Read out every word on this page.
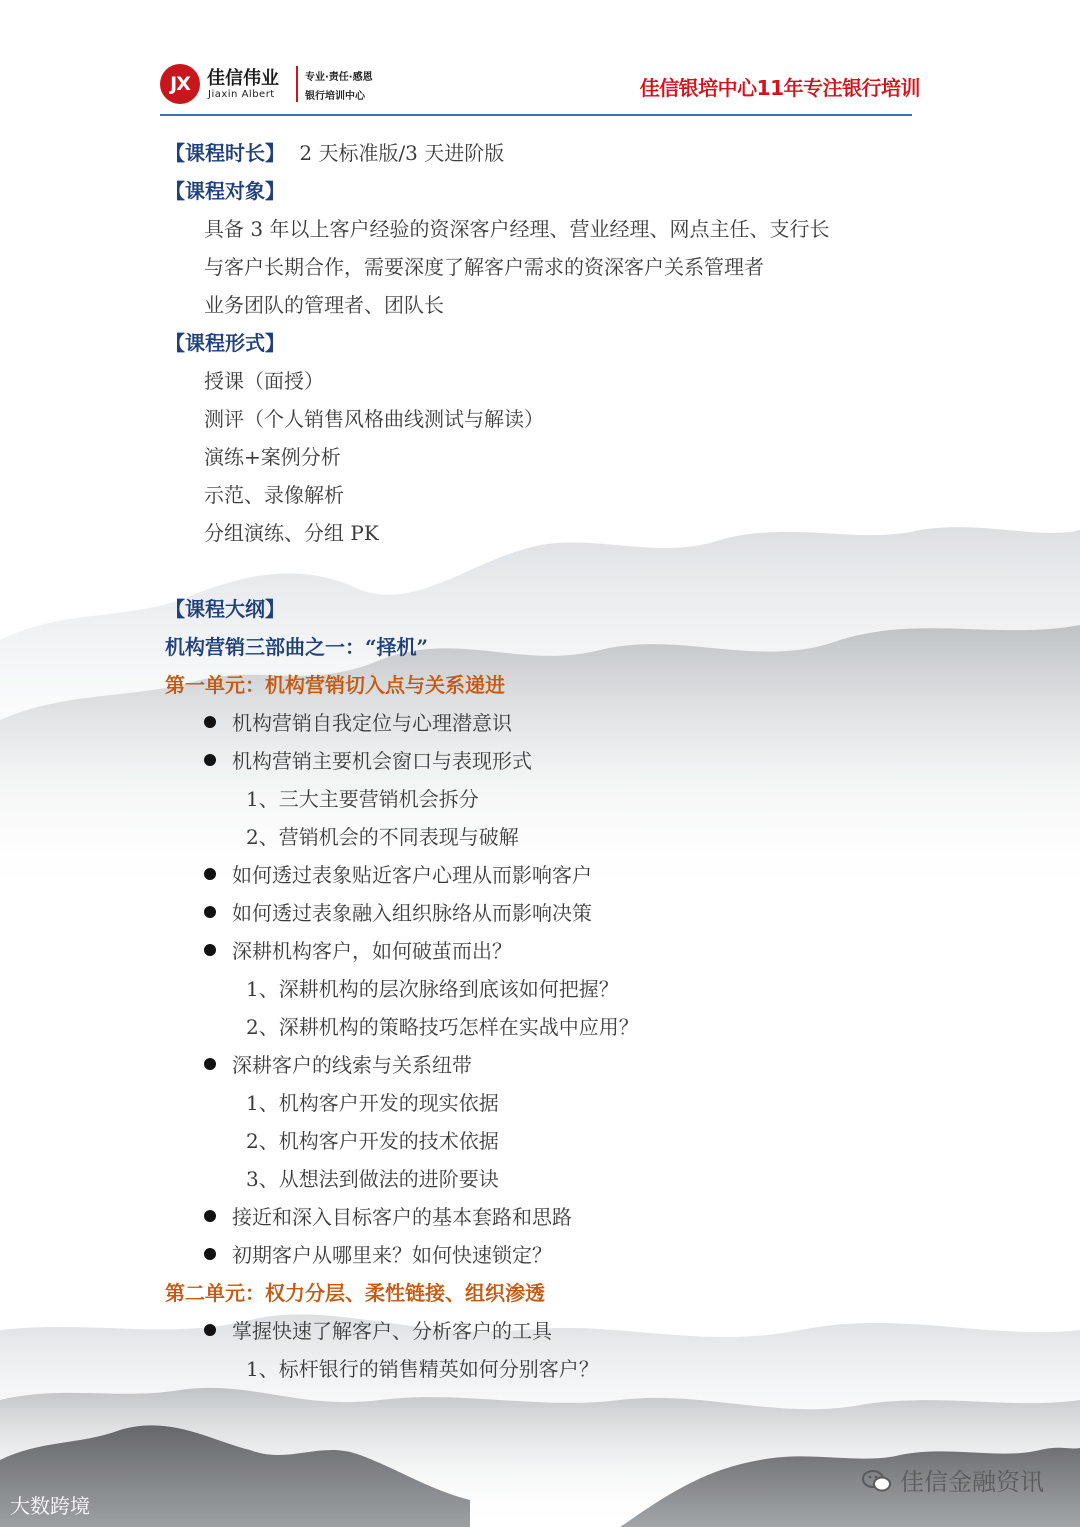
JX 佳信伟业
Jiaxin Albert
专业·责任·感恩
银行培训中心	佳信银培中心11年专注银行培训
【课程时长】 2 天标准版/3 天进阶版
【课程对象】
具备 3 年以上客户经验的资深客户经理、营业经理、网点主任、支行长
与客户长期合作，需要深度了解客户需求的资深客户关系管理者
业务团队的管理者、团队长
【课程形式】
授课（面授）
测评（个人销售风格曲线测试与解读）
演练+案例分析
示范、录像解析
分组演练、分组 PK
【课程大纲】
机构营销三部曲之一：“择机”
第一单元：机构营销切入点与关系递进
机构营销自我定位与心理潜意识
机构营销主要机会窗口与表现形式
1、三大主要营销机会拆分
2、营销机会的不同表现与破解
如何透过表象贴近客户心理从而影响客户
如何透过表象融入组织脉络从而影响决策
深耕机构客户，如何破茧而出？
1、深耕机构的层次脉络到底该如何把握？
2、深耕机构的策略技巧怎样在实战中应用？
深耕客户的线索与关系纽带
1、机构客户开发的现实依据
2、机构客户开发的技术依据
3、从想法到做法的进阶要诀
接近和深入目标客户的基本套路和思路
初期客户从哪里来？如何快速锁定？
第二单元：权力分层、柔性链接、组织渗透
掌握快速了解客户、分析客户的工具
1、标杆银行的销售精英如何分别客户？
佳信金融资讯
大数跨境
